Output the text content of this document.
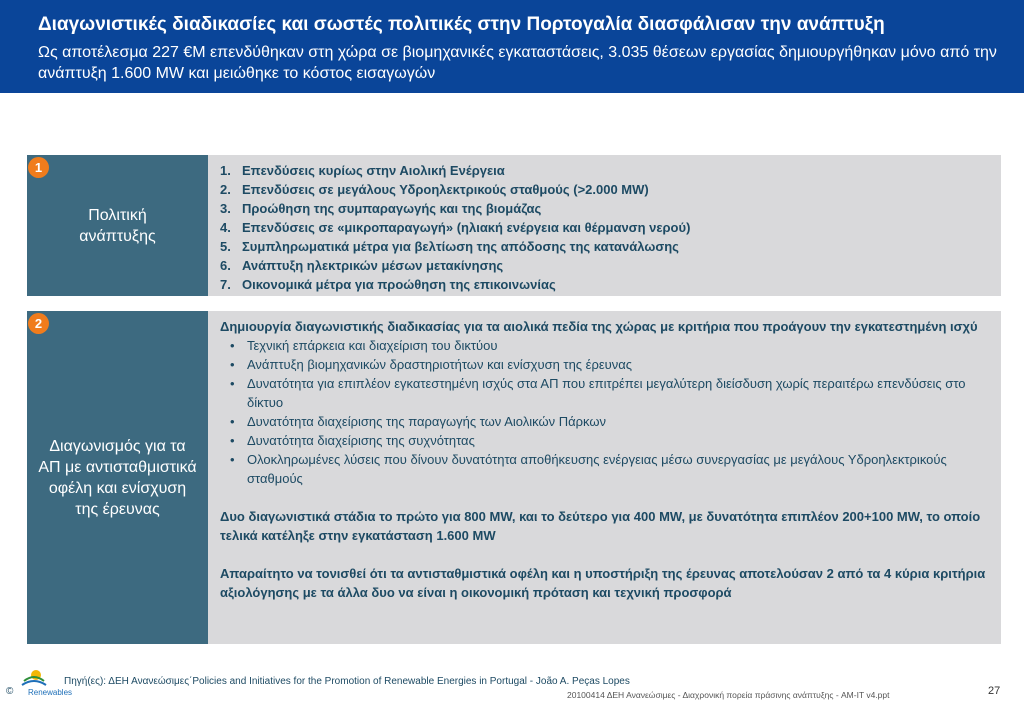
Διαγωνιστικές διαδικασίες και σωστές πολιτικές στην Πορτογαλία διασφάλισαν την ανάπτυξη
Ως αποτέλεσμα 227 €M επενδύθηκαν στη χώρα σε βιομηχανικές εγκαταστάσεις, 3.035 θέσεων εργασίας δημιουργήθηκαν μόνο από την ανάπτυξη 1.600 MW και μειώθηκε το κόστος εισαγωγών
1
Πολιτική ανάπτυξης
1. Επενδύσεις κυρίως στην Αιολική Ενέργεια
2. Επενδύσεις σε μεγάλους Υδροηλεκτρικούς σταθμούς (>2.000 MW)
3. Προώθηση της συμπαραγωγής και της βιομάζας
4. Επενδύσεις σε «μικροπαραγωγή» (ηλιακή ενέργεια και θέρμανση νερού)
5. Συμπληρωματικά μέτρα για βελτίωση της απόδοσης της κατανάλωσης
6. Ανάπτυξη ηλεκτρικών μέσων μετακίνησης
7. Οικονομικά μέτρα για προώθηση της επικοινωνίας
2
Διαγωνισμός για τα ΑΠ με αντισταθμιστικά οφέλη και ενίσχυση της έρευνας

Δημιουργία διαγωνιστικής διαδικασίας για τα αιολικά πεδία της χώρας με κριτήρια που προάγουν την εγκατεστημένη ισχύ

• Τεχνική επάρκεια και διαχείριση του δικτύου
• Ανάπτυξη βιομηχανικών δραστηριοτήτων και ενίσχυση της έρευνας
• Δυνατότητα για επιπλέον εγκατεστημένη ισχύς στα ΑΠ που επιτρέπει μεγαλύτερη διείσδυση χωρίς περαιτέρω επενδύσεις στο δίκτυο
• Δυνατότητα διαχείρισης της παραγωγής των Αιολικών Πάρκων
• Δυνατότητα διαχείρισης της συχνότητας
• Ολοκληρωμένες λύσεις που δίνουν δυνατότητα αποθήκευσης ενέργειας μέσω συνεργασίας με μεγάλους Υδροηλεκτρικούς σταθμούς

Δυο διαγωνιστικά στάδια το πρώτο για 800 MW, και το δεύτερο για 400 MW, με δυνατότητα επιπλέον 200+100 MW, το οποίο τελικά κατέληξε στην εγκατάσταση 1.600 MW

Απαραίτητο να τονισθεί ότι τα αντισταθμιστικά οφέλη και η υποστήριξη της έρευνας αποτελούσαν 2 από τα 4 κύρια κριτήρια αξιολόγησης με τα άλλα δυο να είναι η οικονομική πρόταση και τεχνική προσφορά

Renewables
©
Πηγή(ες): ΔΕΗ Ανανεώσιμες΄Policies and Initiatives for the Promotion of Renewable Energies in Portugal - João A. Peças Lopes
20100414 ΔΕΗ Ανανεώσιμες - Διαχρονική πορεία πράσινης ανάπτυξης - AM-IT v4.ppt	27
